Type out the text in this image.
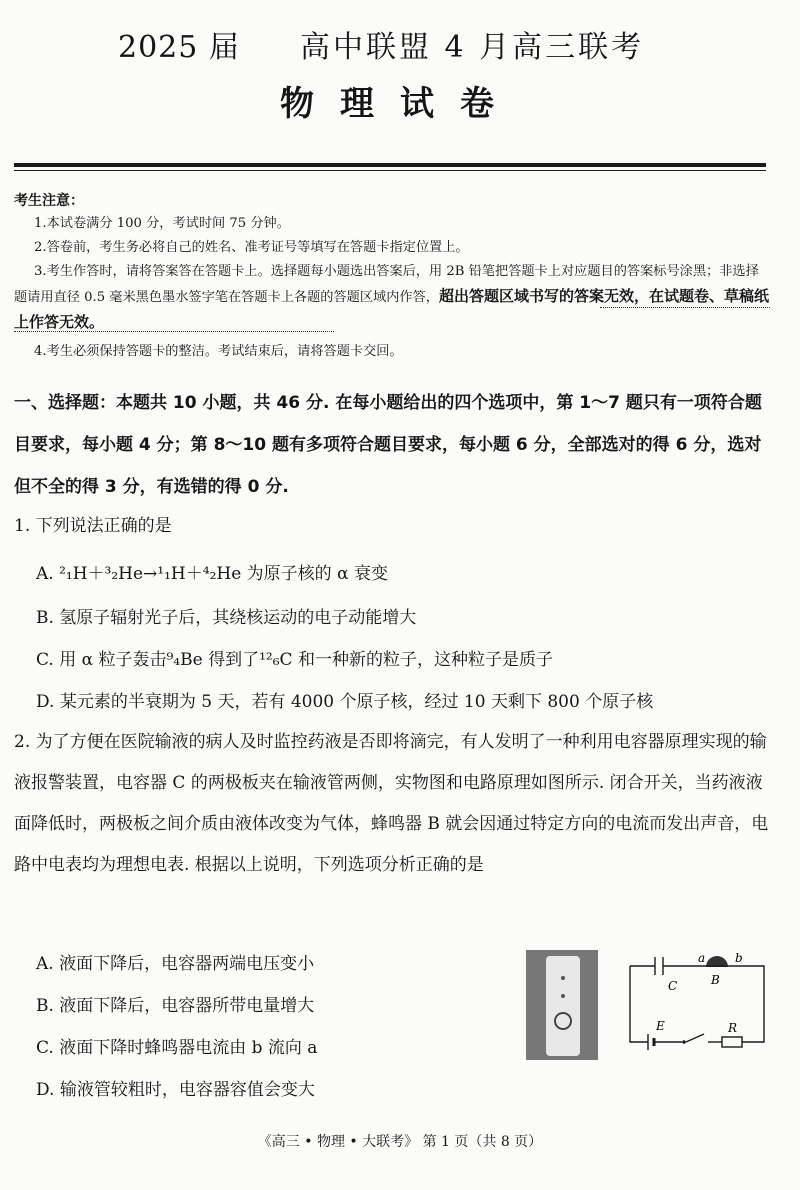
2025 届 高中联盟 4 月高三联考
物理试卷
考生注意：
1.本试卷满分 100 分，考试时间 75 分钟。
2.答卷前，考生务必将自己的姓名、准考证号等填写在答题卡指定位置上。
3.考生作答时，请将答案答在答题卡上。选择题每小题选出答案后，用 2B 铅笔把答题卡上对应题目的答案标号涂黑；非选择题请用直径 0.5 毫米黑色墨水签字笔在答题卡上各题的答题区域内作答，超出答题区域书写的答案无效，在试题卷、草稿纸上作答无效。
4.考生必须保持答题卡的整洁。考试结束后，请将答题卡交回。
一、选择题：本题共 10 小题，共 46 分. 在每小题给出的四个选项中，第 1～7 题只有一项符合题目要求，每小题 4 分；第 8～10 题有多项符合题目要求，每小题 6 分，全部选对的得 6 分，选对但不全的得 3 分，有选错的得 0 分.
1. 下列说法正确的是
A. ²₁H＋³₂He→¹₁H＋⁴₂He 为原子核的 α 衰变
B. 氢原子辐射光子后，其绕核运动的电子动能增大
C. 用 α 粒子轰击⁹₄Be 得到了¹²₆C 和一种新的粒子，这种粒子是质子
D. 某元素的半衰期为 5 天，若有 4000 个原子核，经过 10 天剩下 800 个原子核
2. 为了方便在医院输液的病人及时监控药液是否即将滴完，有人发明了一种利用电容器原理实现的输液报警装置，电容器 C 的两极板夹在输液管两侧，实物图和电路原理如图所示. 闭合开关，当药液液面降低时，两极板之间介质由液体改变为气体，蜂鸣器 B 就会因通过特定方向的电流而发出声音，电路中电表均为理想电表. 根据以上说明，下列选项分析正确的是
A. 液面下降后，电容器两端电压变小
B. 液面下降后，电容器所带电量增大
C. 液面下降时蜂鸣器电流由 b 流向 a
D. 输液管较粗时，电容器容值会变大
a b
B
C
E	R
《高三 • 物理 • 大联考》 第 1 页（共 8 页）
